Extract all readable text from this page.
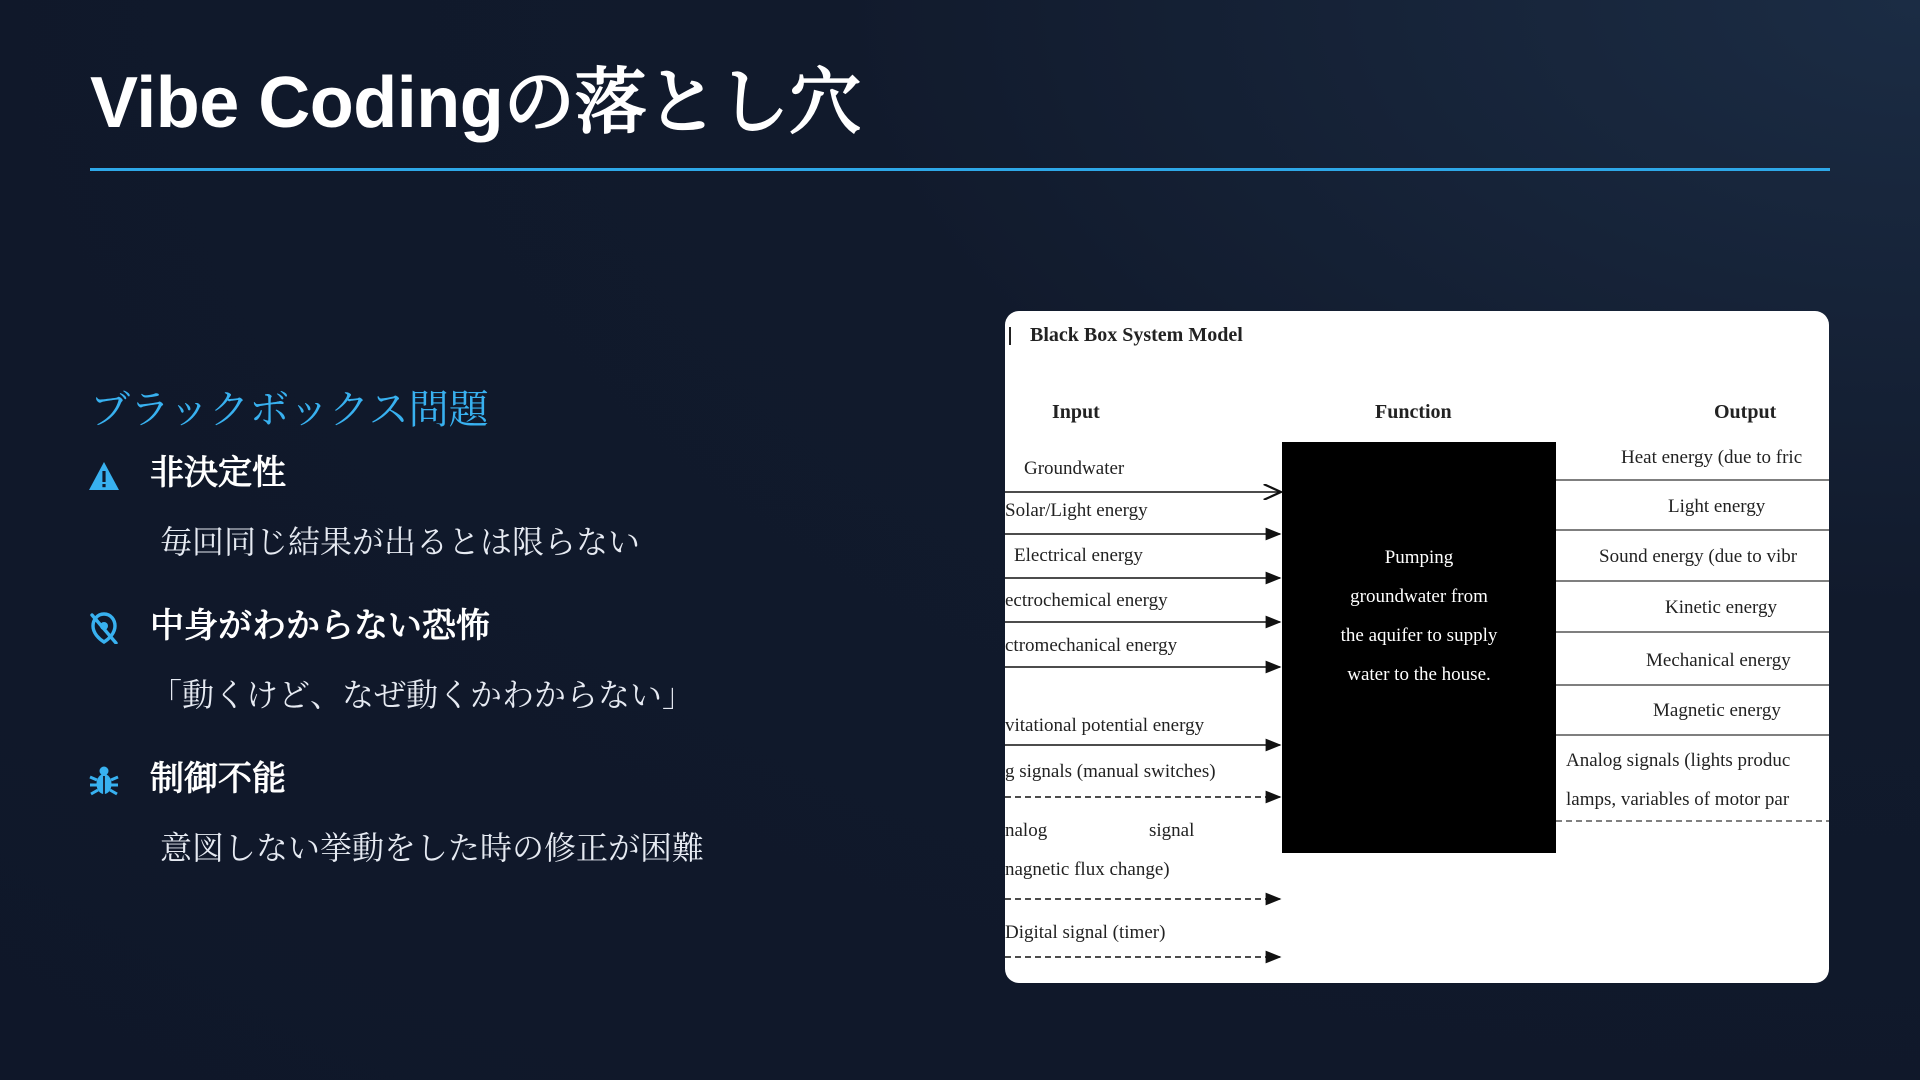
Vibe Codingの落とし穴
ブラックボックス問題
非決定性
毎回同じ結果が出るとは限らない
中身がわからない恐怖
「動くけど、なぜ動くかわからない」
制御不能
意図しない挙動をした時の修正が困難
Black Box System Model
Input	Function	Output
Pumping
groundwater from
the aquifer to supply
water to the house.
Groundwater
Solar/Light energy
Electrical energy
ectrochemical energy
ctromechanical energy
vitational potential energy
g signals (manual switches)
nalog	signal
nagnetic flux change)
Digital signal (timer)
Heat energy (due to fric
Light energy
Sound energy (due to vibr
Kinetic energy
Mechanical energy
Magnetic energy
Analog signals (lights produc
lamps, variables of motor par
